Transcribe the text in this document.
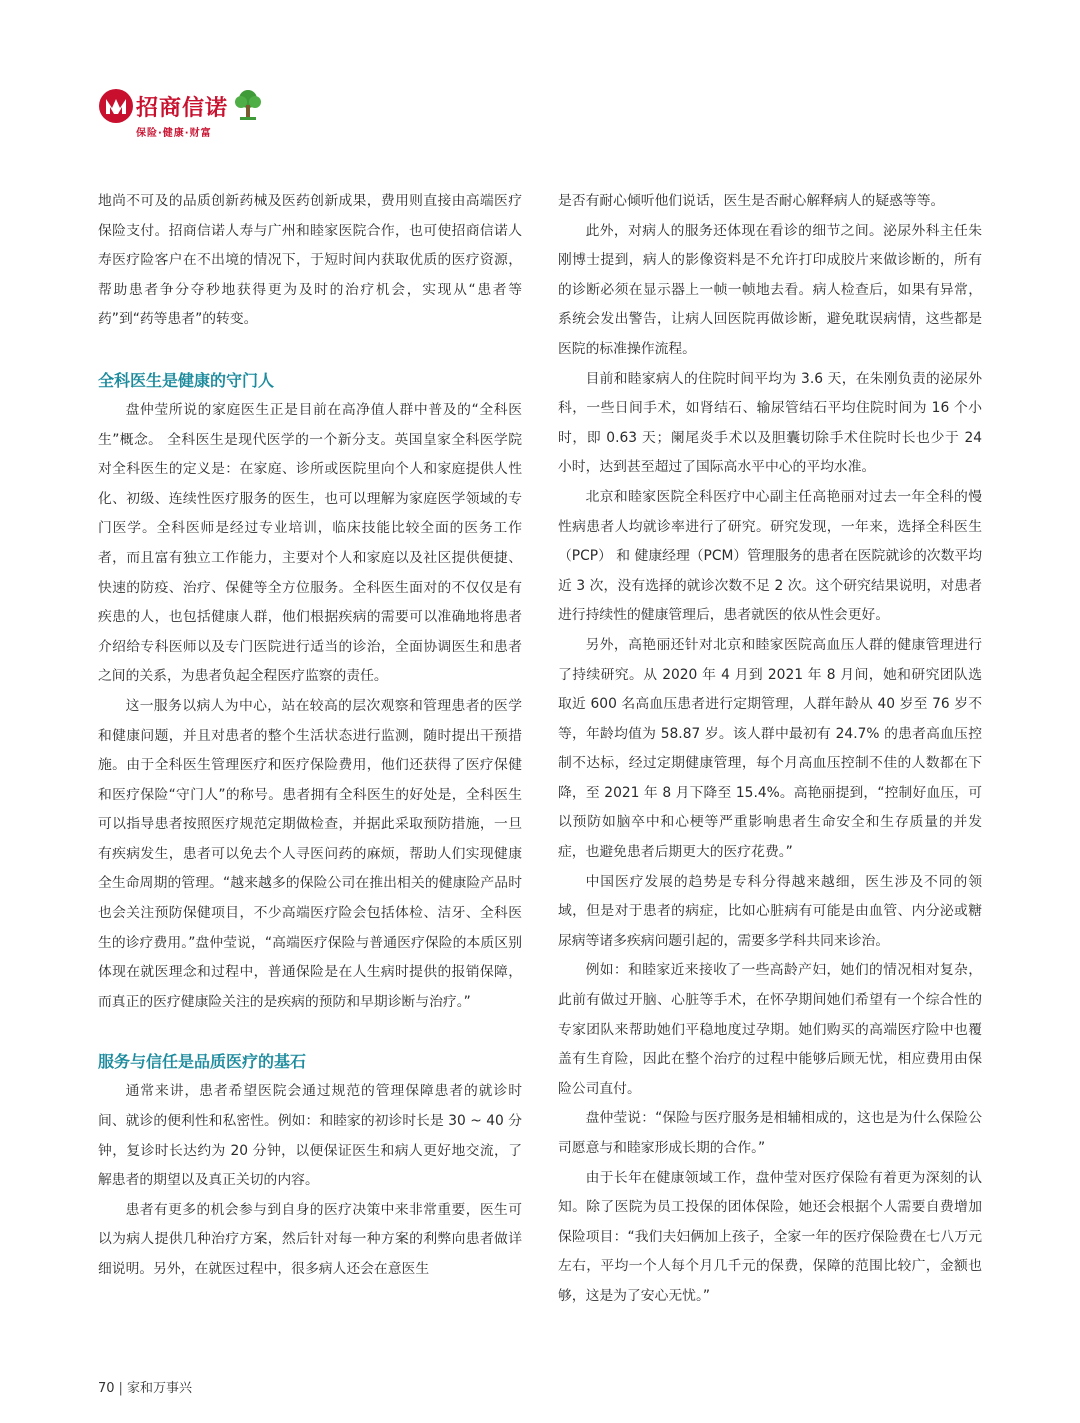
招商信诺
保险·健康·财富

地尚不可及的品质创新药械及医药创新成果，费用则直接由高端医疗保险支付。招商信诺人寿与广州和睦家医院合作，也可使招商信诺人寿医疗险客户在不出境的情况下，于短时间内获取优质的医疗资源，帮助患者争分夺秒地获得更为及时的治疗机会，实现从“患者等药”到“药等患者”的转变。

全科医生是健康的守门人

盘仲莹所说的家庭医生正是目前在高净值人群中普及的“全科医生”概念。 全科医生是现代医学的一个新分支。英国皇家全科医学院对全科医生的定义是：在家庭、诊所或医院里向个人和家庭提供人性化、初级、连续性医疗服务的医生，也可以理解为家庭医学领域的专门医学。全科医师是经过专业培训，临床技能比较全面的医务工作者，而且富有独立工作能力，主要对个人和家庭以及社区提供便捷、快速的防疫、治疗、保健等全方位服务。全科医生面对的不仅仅是有疾患的人，也包括健康人群，他们根据疾病的需要可以准确地将患者介绍给专科医师以及专门医院进行适当的诊治，全面协调医生和患者之间的关系，为患者负起全程医疗监察的责任。

这一服务以病人为中心，站在较高的层次观察和管理患者的医学和健康问题，并且对患者的整个生活状态进行监测，随时提出干预措施。由于全科医生管理医疗和医疗保险费用，他们还获得了医疗保健和医疗保险“守门人”的称号。患者拥有全科医生的好处是，全科医生可以指导患者按照医疗规范定期做检查，并据此采取预防措施，一旦有疾病发生，患者可以免去个人寻医问药的麻烦，帮助人们实现健康全生命周期的管理。“越来越多的保险公司在推出相关的健康险产品时也会关注预防保健项目，不少高端医疗险会包括体检、洁牙、全科医生的诊疗费用。”盘仲莹说，“高端医疗保险与普通医疗保险的本质区别体现在就医理念和过程中，普通保险是在人生病时提供的报销保障，而真正的医疗健康险关注的是疾病的预防和早期诊断与治疗。”

服务与信任是品质医疗的基石

通常来讲，患者希望医院会通过规范的管理保障患者的就诊时间、就诊的便利性和私密性。例如：和睦家的初诊时长是 30 ~ 40 分钟，复诊时长达约为 20 分钟，以便保证医生和病人更好地交流，了解患者的期望以及真正关切的内容。

患者有更多的机会参与到自身的医疗决策中来非常重要，医生可以为病人提供几种治疗方案，然后针对每一种方案的利弊向患者做详细说明。另外，在就医过程中，很多病人还会在意医生

是否有耐心倾听他们说话，医生是否耐心解释病人的疑惑等等。

此外，对病人的服务还体现在看诊的细节之间。泌尿外科主任朱刚博士提到，病人的影像资料是不允许打印成胶片来做诊断的，所有的诊断必须在显示器上一帧一帧地去看。病人检查后，如果有异常，系统会发出警告，让病人回医院再做诊断，避免耽误病情，这些都是医院的标准操作流程。

目前和睦家病人的住院时间平均为 3.6 天，在朱刚负责的泌尿外科，一些日间手术，如肾结石、输尿管结石平均住院时间为 16 个小时，即 0.63 天；阑尾炎手术以及胆囊切除手术住院时长也少于 24 小时，达到甚至超过了国际高水平中心的平均水准。

北京和睦家医院全科医疗中心副主任高艳丽对过去一年全科的慢性病患者人均就诊率进行了研究。研究发现，一年来，选择全科医生 （PCP） 和 健康经理（PCM）管理服务的患者在医院就诊的次数平均近 3 次，没有选择的就诊次数不足 2 次。这个研究结果说明，对患者进行持续性的健康管理后，患者就医的依从性会更好。

另外，高艳丽还针对北京和睦家医院高血压人群的健康管理进行了持续研究。从 2020 年 4 月到 2021 年 8 月间，她和研究团队选取近 600 名高血压患者进行定期管理，人群年龄从 40 岁至 76 岁不等，年龄均值为 58.87 岁。该人群中最初有 24.7% 的患者高血压控制不达标，经过定期健康管理，每个月高血压控制不佳的人数都在下降，至 2021 年 8 月下降至 15.4%。高艳丽提到，“控制好血压，可以预防如脑卒中和心梗等严重影响患者生命安全和生存质量的并发症，也避免患者后期更大的医疗花费。”

中国医疗发展的趋势是专科分得越来越细，医生涉及不同的领域，但是对于患者的病症，比如心脏病有可能是由血管、内分泌或糖尿病等诸多疾病问题引起的，需要多学科共同来诊治。

例如：和睦家近来接收了一些高龄产妇，她们的情况相对复杂，此前有做过开脑、心脏等手术，在怀孕期间她们希望有一个综合性的专家团队来帮助她们平稳地度过孕期。她们购买的高端医疗险中也覆盖有生育险，因此在整个治疗的过程中能够后顾无忧，相应费用由保险公司直付。

盘仲莹说：“保险与医疗服务是相辅相成的，这也是为什么保险公司愿意与和睦家形成长期的合作。”

由于长年在健康领域工作，盘仲莹对医疗保险有着更为深刻的认知。除了医院为员工投保的团体保险，她还会根据个人需要自费增加保险项目：“我们夫妇俩加上孩子，全家一年的医疗保险费在七八万元左右，平均一个人每个月几千元的保费，保障的范围比较广，金额也够，这是为了安心无忧。”

70 | 家和万事兴
